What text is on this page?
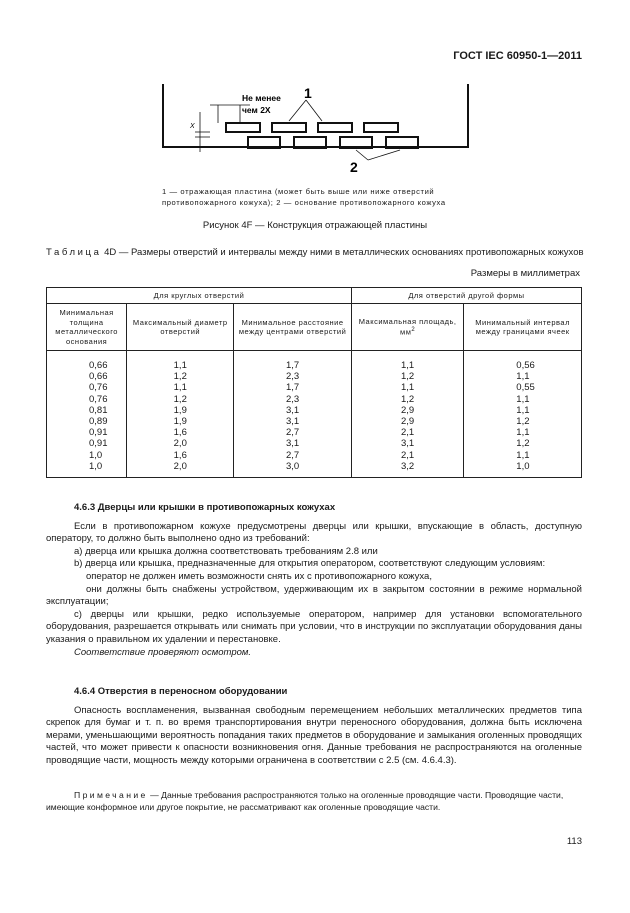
ГОСТ IEC 60950-1—2011
Не менее
чем 2X
X
1
2
1 — отражающая пластина (может быть выше или ниже отверстий противопожарного кожуха); 2 — основание противопожарного кожуха
Рисунок 4F — Конструкция отражающей пластины
Таблица 4D — Размеры отверстий и интервалы между ними в металлических основаниях противопожарных кожухов
Размеры в миллиметрах
Для круглых отверстий			Для отверстий другой формы	
Минимальная толщина металлического основания	Максимальный диаметр отверстий	Минимальное расстояние между центрами отверстий	Максимальная площадь, $мм^2$	Минимальный интервал между границами ячеек
0,66	1,1	1,7	1,1	0,56
0,66	1,2	2,3	1,2	1,1
0,76	1,1	1,7	1,1	0,55
0,76	1,2	2,3	1,2	1,1
0,81	1,9	3,1	2,9	1,1
0,89	1,9	3,1	2,9	1,2
0,91	1,6	2,7	2,1	1,1
0,91	2,0	3,1	3,1	1,2
1,0	1,6	2,7	2,1	1,1
1,0	2,0	3,0	3,2	1,0

4.6.3 Дверцы или крышки в противопожарных кожухах

Если в противопожарном кожухе предусмотрены дверцы или крышки, впускающие в область, доступную оператору, то должно быть выполнено одно из требований:

a) дверца или крышка должна соответствовать требованиям 2.8 или

b) дверца или крышка, предназначенные для открытия оператором, соответствуют следующим условиям:

оператор не должен иметь возможности снять их с противопожарного кожуха,

они должны быть снабжены устройством, удерживающим их в закрытом состоянии в режиме нормальной эксплуатации;

c) дверцы или крышки, редко используемые оператором, например для установки вспомогательного оборудования, разрешается открывать или снимать при условии, что в инструкции по эксплуатации оборудования даны указания о правильном их удалении и перестановке.

Соответствие проверяют осмотром.

4.6.4 Отверстия в переносном оборудовании

Опасность воспламенения, вызванная свободным перемещением небольших металлических предметов типа скрепок для бумаг и т. п. во время транспортирования внутри переносного оборудования, должна быть исключена мерами, уменьшающими вероятность попадания таких предметов в оборудование и замыкания оголенных проводящих частей, что может привести к опасности возникновения огня. Данные требования не распространяются на оголенные проводящие части, мощность между которыми ограничена в соответствии с 2.5 (см. 4.6.4.3).

Примечание — Данные требования распространяются только на оголенные проводящие части. Проводящие части, имеющие конформное или другое покрытие, не рассматривают как оголенные проводящие части.
113
